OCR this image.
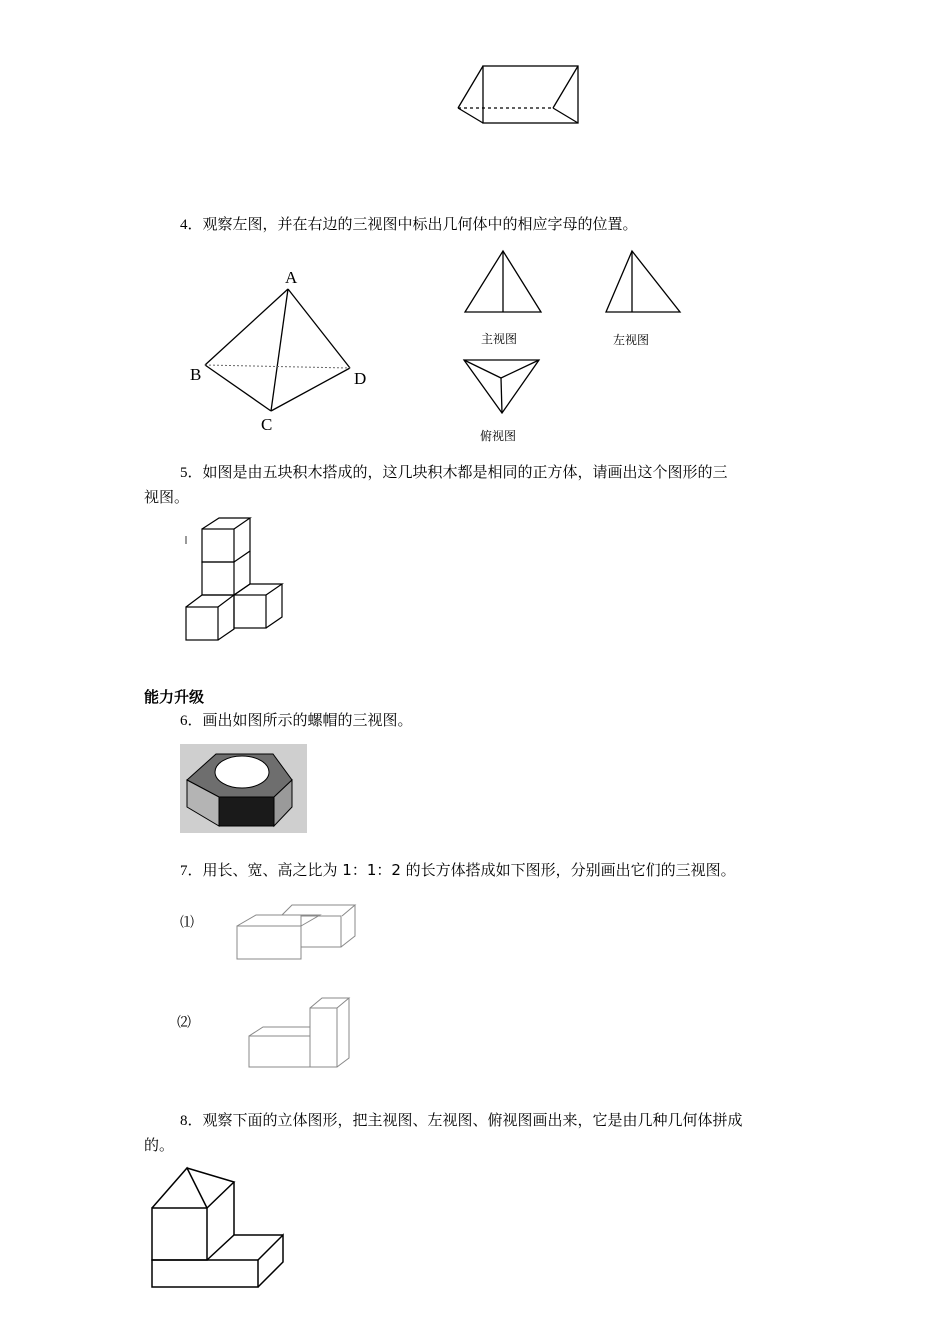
4．观察左图，并在右边的三视图中标出几何体中的相应字母的位置。
A
B
C
D
主视图	左视图
俯视图
5．如图是由五块积木搭成的，这几块积木都是相同的正方体，请画出这个图形的三
视图。
能力升级
6．画出如图所示的螺帽的三视图。
7．用长、宽、高之比为 1：1：2 的长方体搭成如下图形，分别画出它们的三视图。
⑴
⑵
8．观察下面的立体图形，把主视图、左视图、俯视图画出来，它是由几种几何体拼成
的。
